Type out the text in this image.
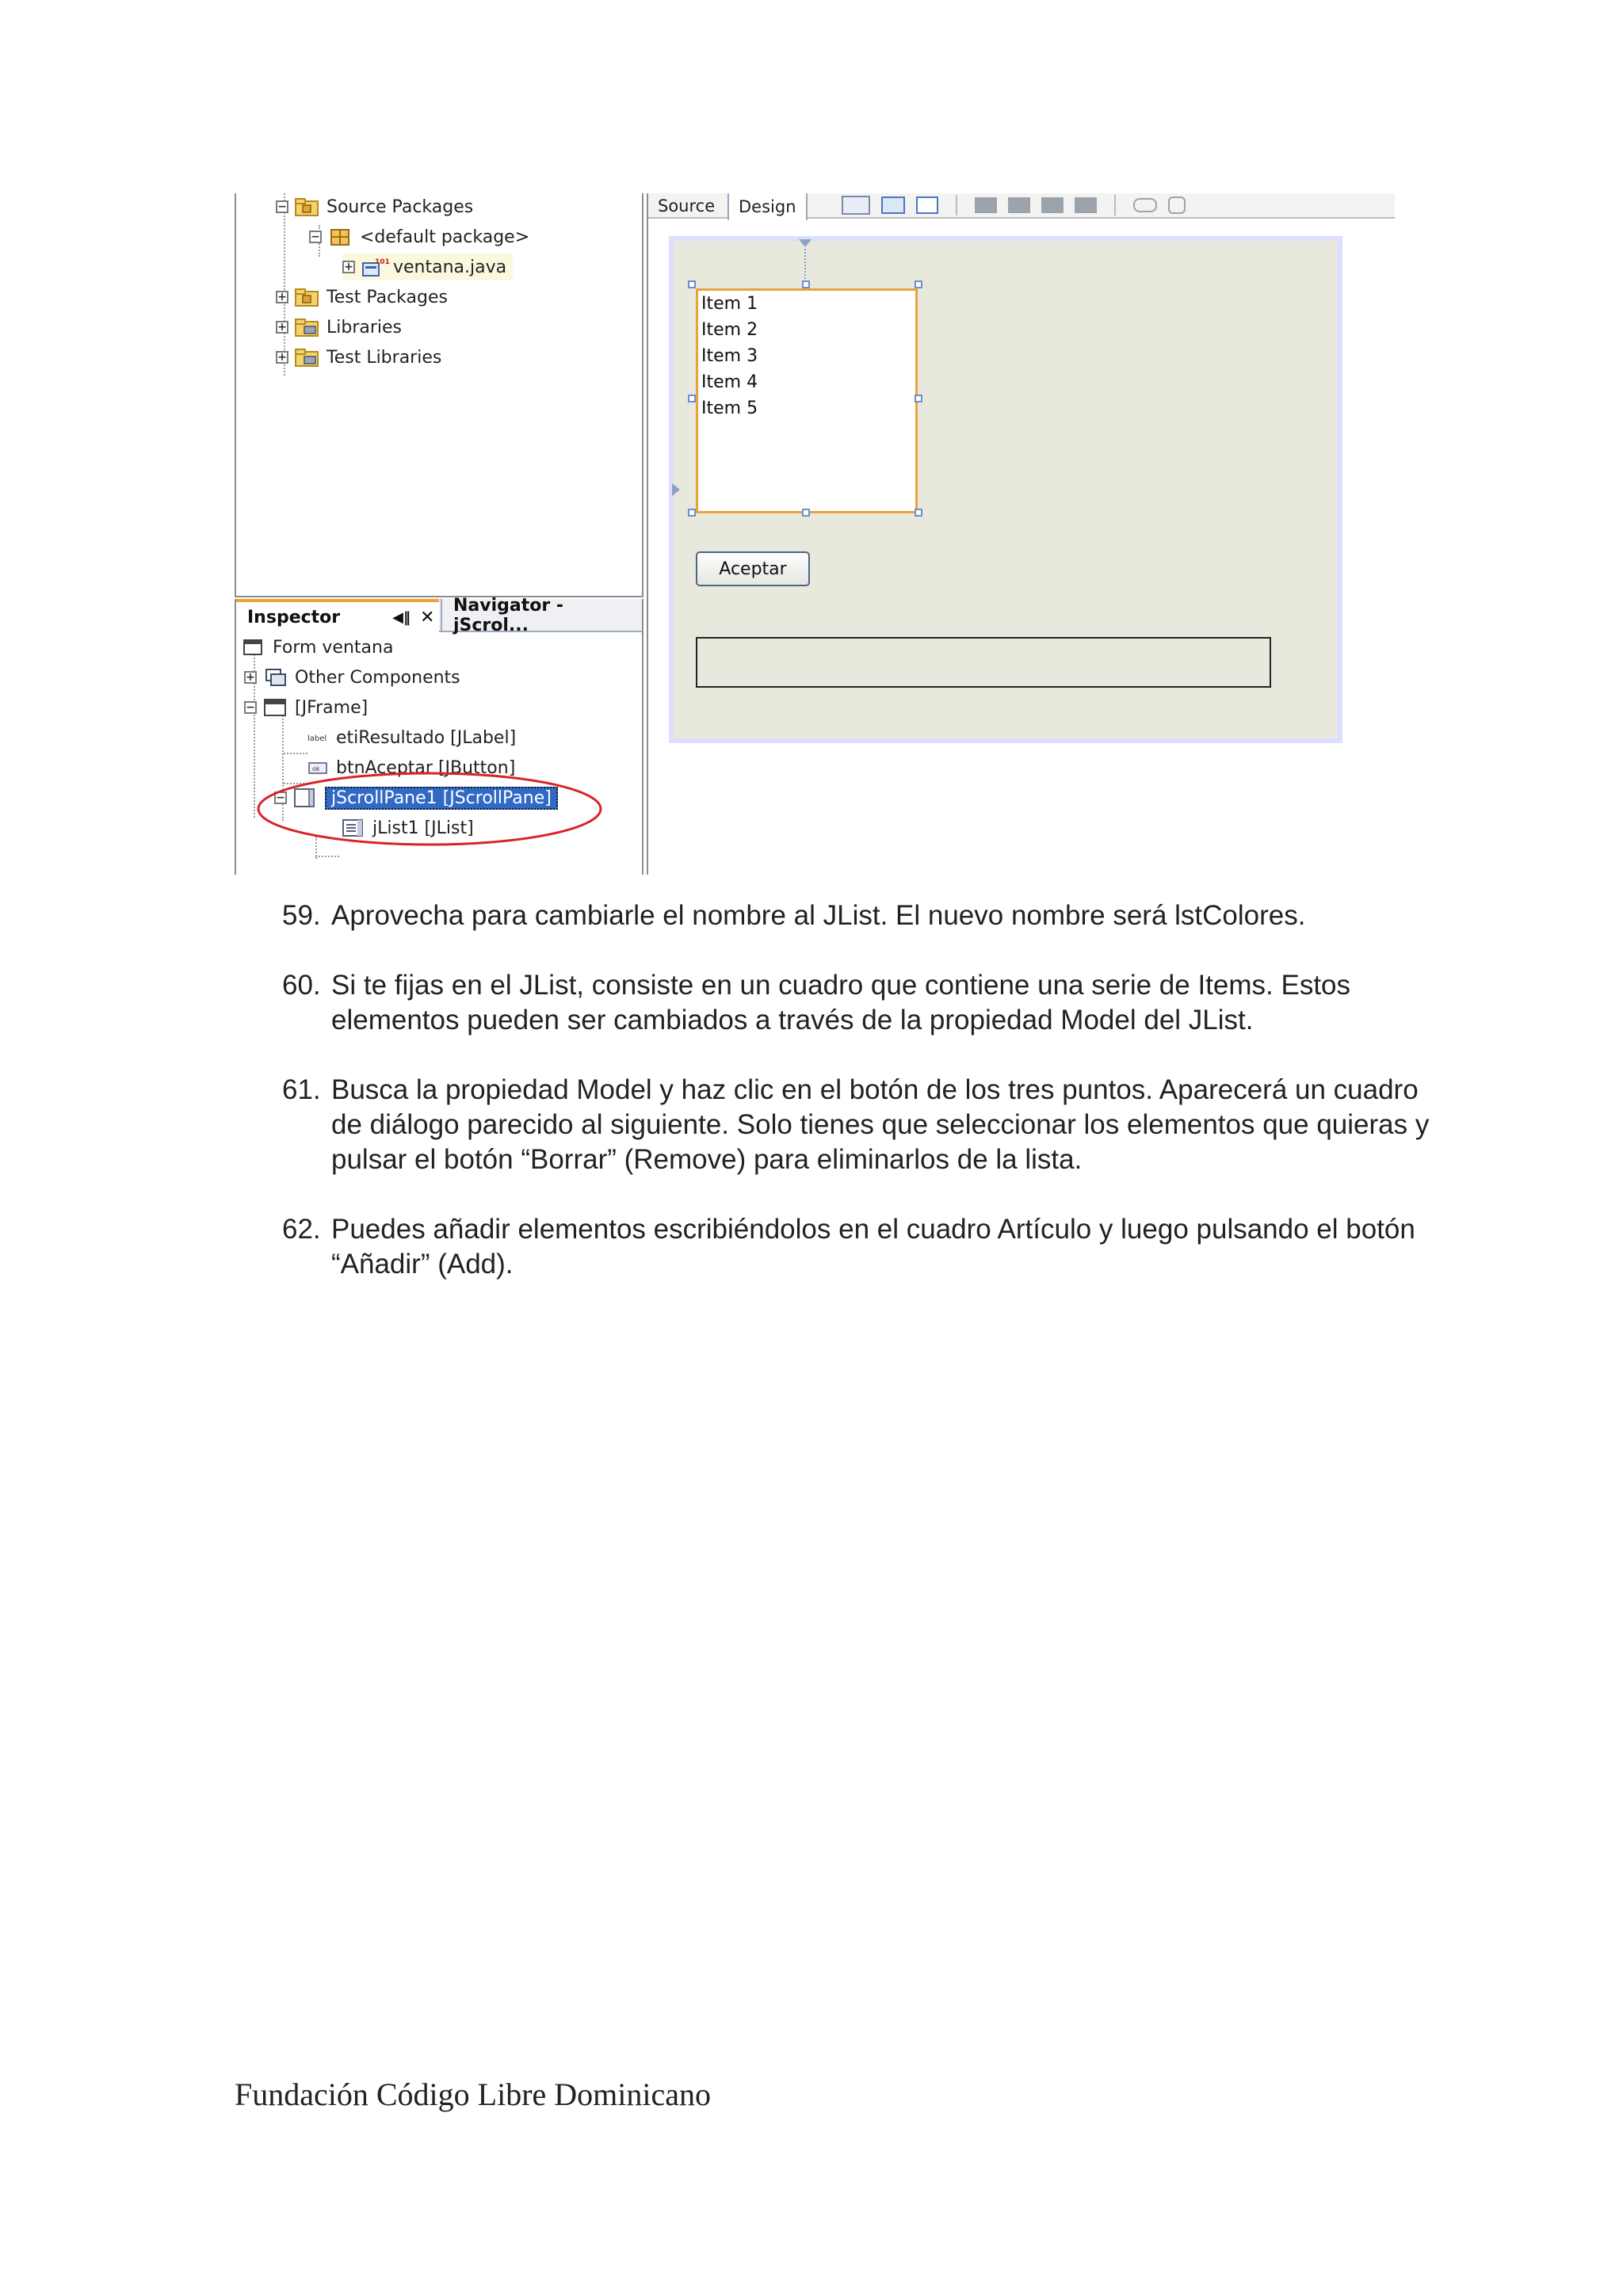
− Source Packages
− <default package>
+	101 ventana.java
+ Test Packages
+ Libraries
+ Test Libraries
Inspector	◀‖ ✕
Navigator - jScrol...
Form ventana
+ Other Components
− [JFrame]
label etiResultado [JLabel]
ok btnAceptar [JButton]
−	jScrollPane1 [JScrollPane]
jList1 [JList]
Source Design
Item 1
Item 2
Item 3
Item 4
Item 5
Aceptar
59. Aprovecha para cambiarle el nombre al JList. El nuevo nombre será lstColores.
60. Si te fijas en el JList, consiste en un cuadro que contiene una serie de Items. Estos elementos pueden ser cambiados a través de la propiedad Model del JList.
61. Busca la propiedad Model y haz clic en el botón de los tres puntos. Aparecerá un cuadro de diálogo parecido al siguiente. Solo tienes que seleccionar los elementos que quieras y pulsar el botón “Borrar” (Remove) para eliminarlos de la lista.
62. Puedes añadir elementos escribiéndolos en el cuadro Artículo y luego pulsando el botón “Añadir” (Add).
Fundación Código Libre Dominicano
